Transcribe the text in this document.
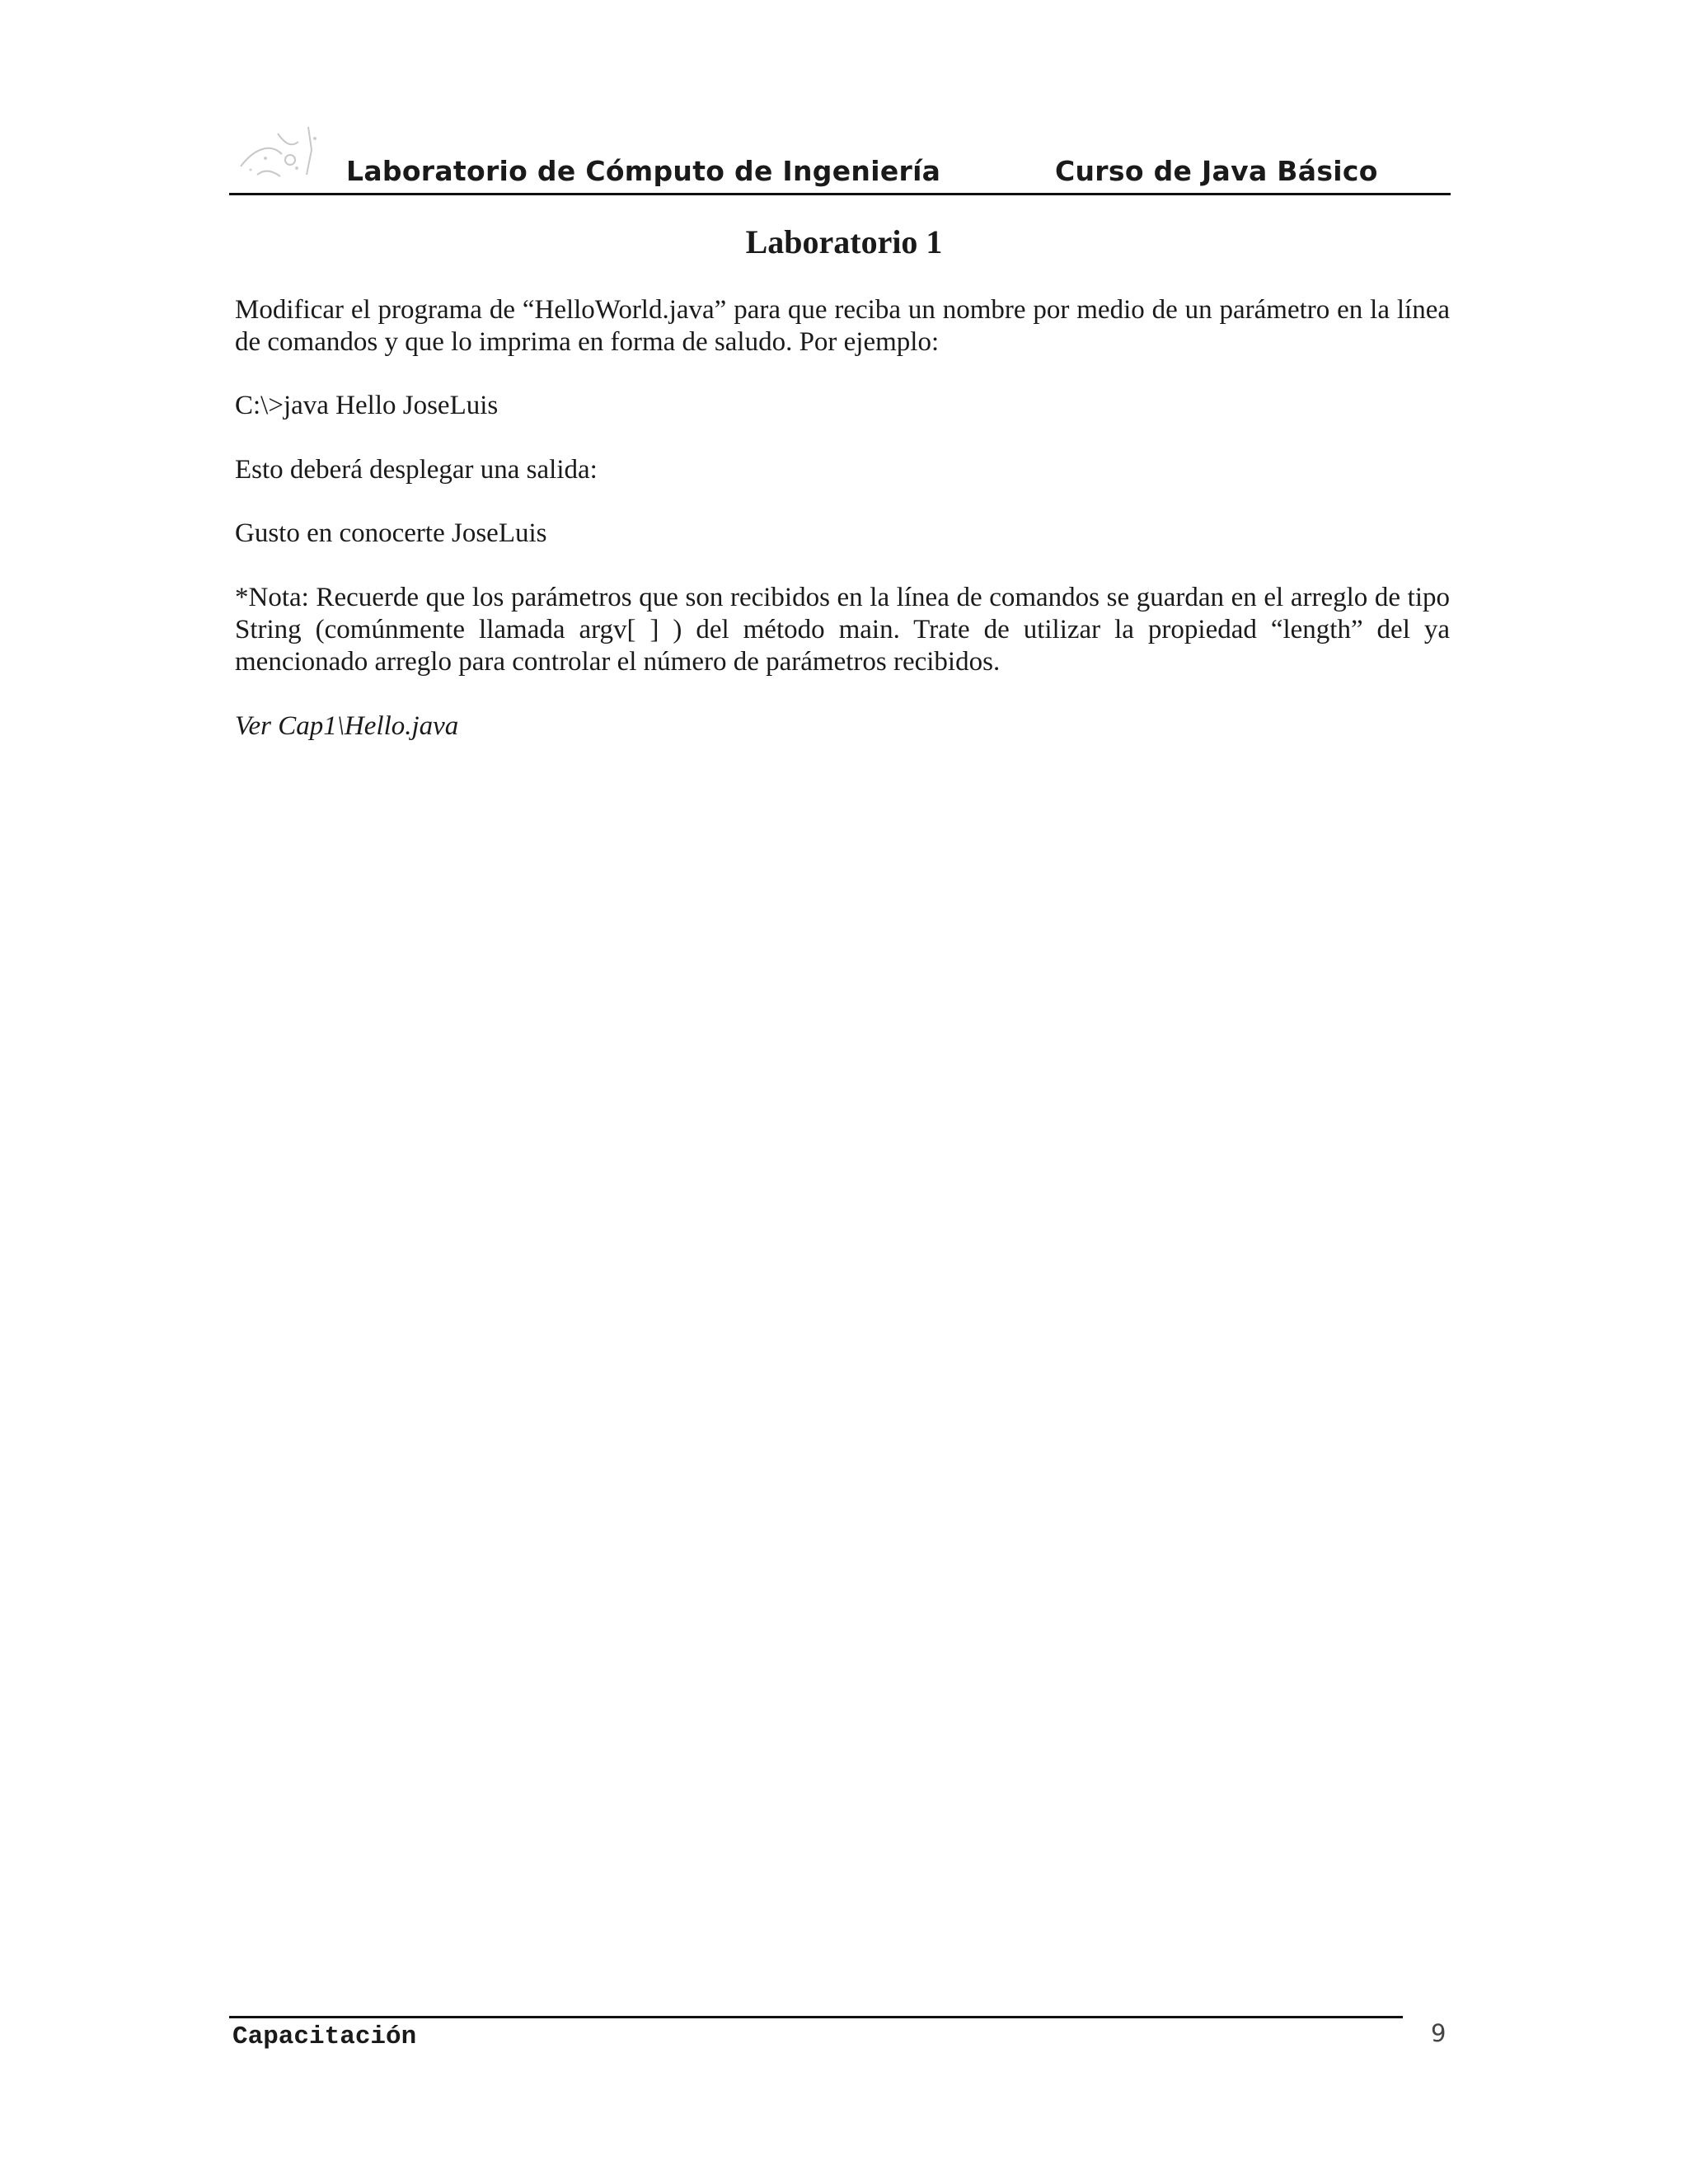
Laboratorio de Cómputo de Ingeniería	Curso de Java Básico
Laboratorio 1

Modificar el programa de “HelloWorld.java” para que reciba un nombre por medio de un parámetro en la línea de comandos y que lo imprima en forma de saludo. Por ejemplo:

C:\>java Hello JoseLuis

Esto deberá desplegar una salida:

Gusto en conocerte JoseLuis

*Nota: Recuerde que los parámetros que son recibidos en la línea de comandos se guardan en el arreglo de tipo String (comúnmente llamada argv[ ] ) del método main. Trate de utilizar la propiedad “length” del ya mencionado arreglo para controlar el número de parámetros recibidos.

Ver Cap1\Hello.java

Capacitación	9
